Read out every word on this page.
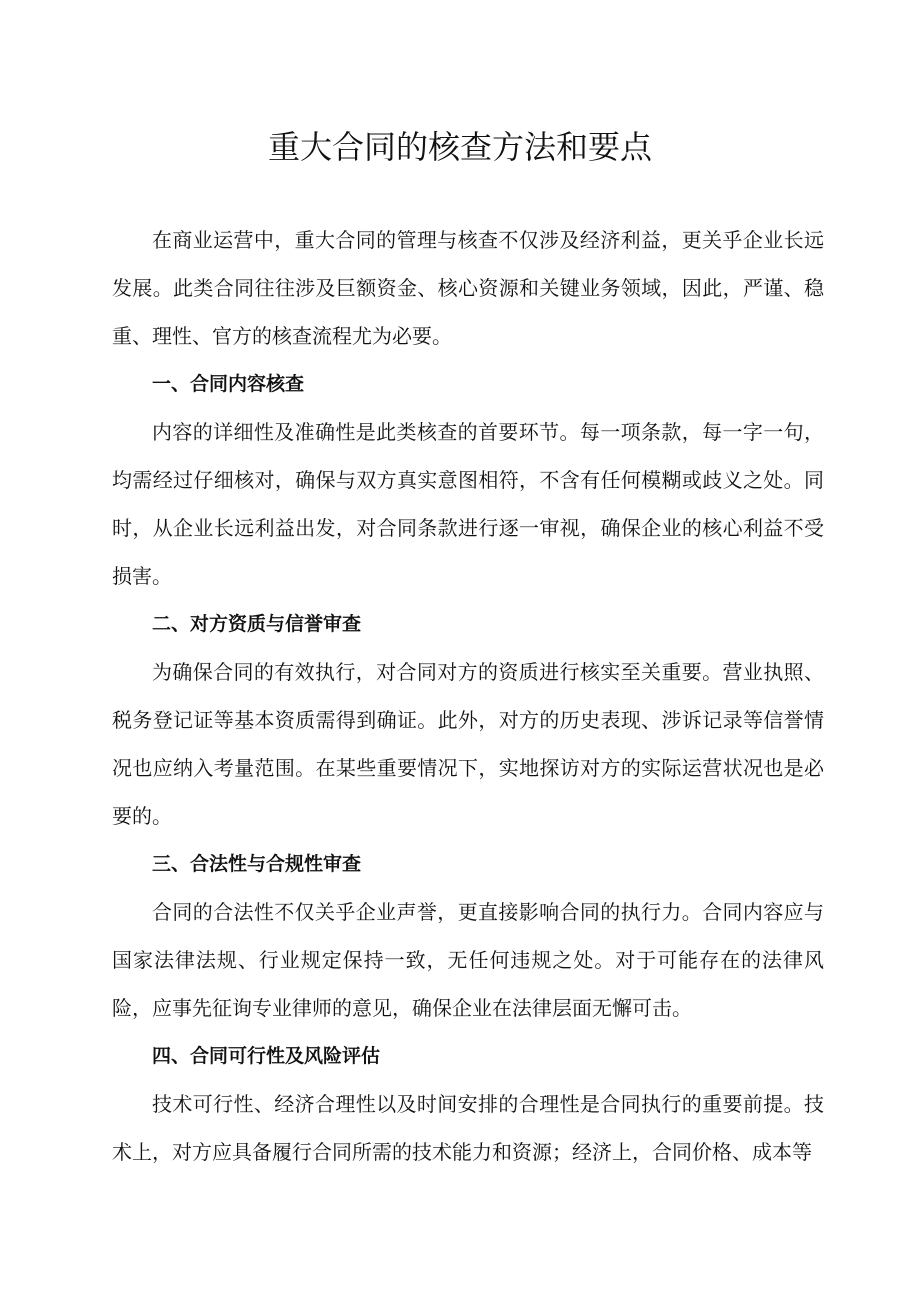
重大合同的核查方法和要点

在商业运营中，重大合同的管理与核查不仅涉及经济利益，更关乎企业长远发展。此类合同往往涉及巨额资金、核心资源和关键业务领域，因此，严谨、稳重、理性、官方的核查流程尤为必要。

一、合同内容核查

内容的详细性及准确性是此类核查的首要环节。每一项条款，每一字一句，均需经过仔细核对，确保与双方真实意图相符，不含有任何模糊或歧义之处。同时，从企业长远利益出发，对合同条款进行逐一审视，确保企业的核心利益不受损害。

二、对方资质与信誉审查

为确保合同的有效执行，对合同对方的资质进行核实至关重要。营业执照、税务登记证等基本资质需得到确证。此外，对方的历史表现、涉诉记录等信誉情况也应纳入考量范围。在某些重要情况下，实地探访对方的实际运营状况也是必要的。

三、合法性与合规性审查

合同的合法性不仅关乎企业声誉，更直接影响合同的执行力。合同内容应与国家法律法规、行业规定保持一致，无任何违规之处。对于可能存在的法律风险，应事先征询专业律师的意见，确保企业在法律层面无懈可击。

四、合同可行性及风险评估

技术可行性、经济合理性以及时间安排的合理性是合同执行的重要前提。技术上，对方应具备履行合同所需的技术能力和资源；经济上，合同价格、成本等
